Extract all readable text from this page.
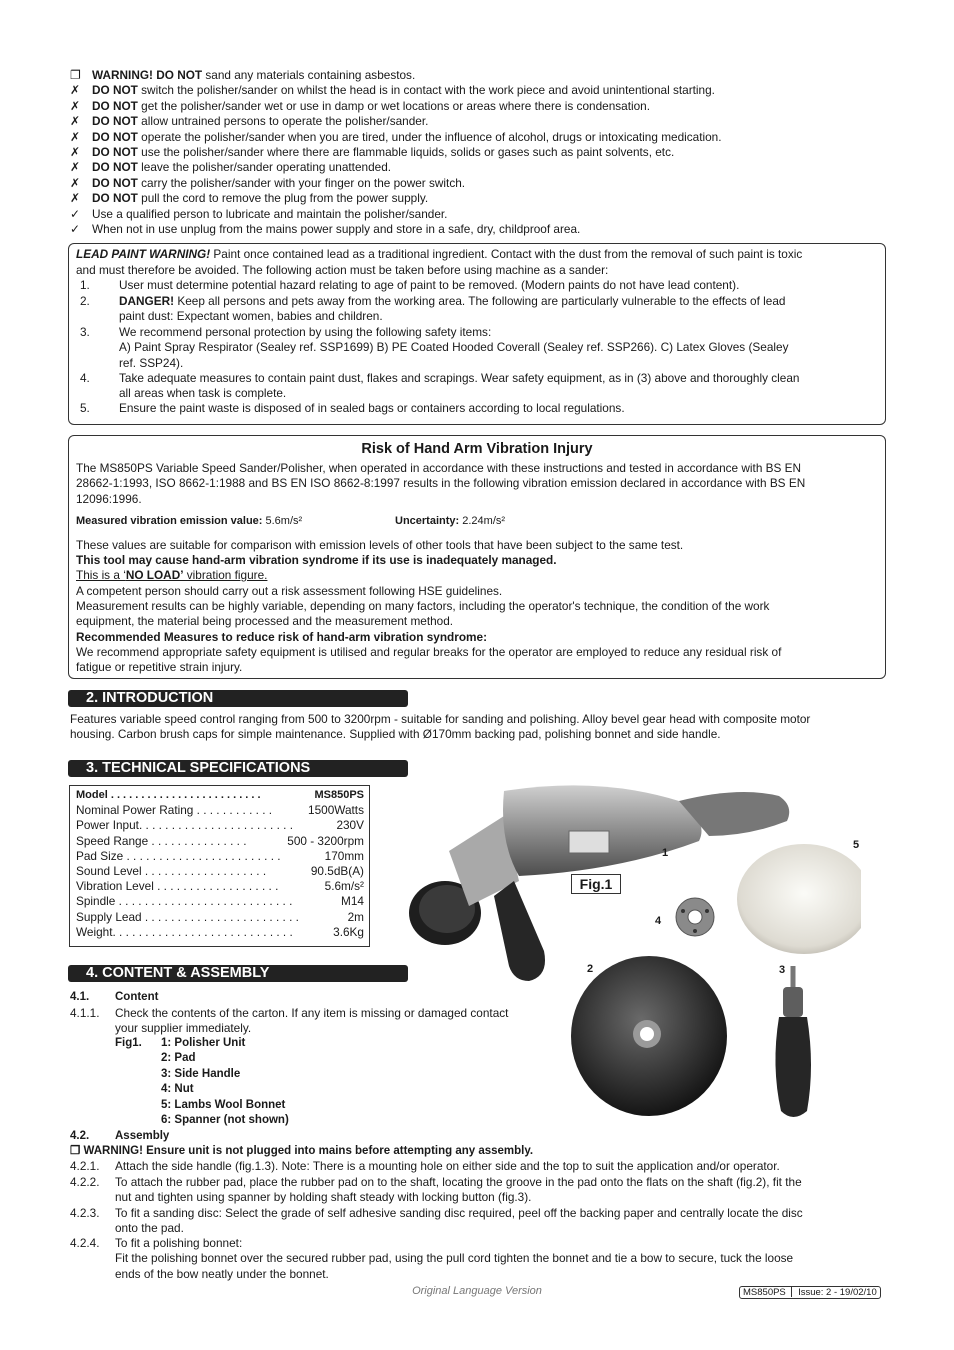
❐ WARNING! DO NOT sand any materials containing asbestos.
✗ DO NOT switch the polisher/sander on whilst the head is in contact with the work piece and avoid unintentional starting.
✗ DO NOT get the polisher/sander wet or use in damp or wet locations or areas where there is condensation.
✗ DO NOT allow untrained persons to operate the polisher/sander.
✗ DO NOT operate the polisher/sander when you are tired, under the influence of alcohol, drugs or intoxicating medication.
✗ DO NOT use the polisher/sander where there are flammable liquids, solids or gases such as paint solvents, etc.
✗ DO NOT leave the polisher/sander operating unattended.
✗ DO NOT carry the polisher/sander with your finger on the power switch.
✗ DO NOT pull the cord to remove the plug from the power supply.
✓ Use a qualified person to lubricate and maintain the polisher/sander.
✓ When not in use unplug from the mains power supply and store in a safe, dry, childproof area.
LEAD PAINT WARNING! Paint once contained lead as a traditional ingredient. Contact with the dust from the removal of such paint is toxic
and must therefore be avoided. The following action must be taken before using machine as a sander:
1. User must determine potential hazard relating to age of paint to be removed. (Modern paints do not have lead content).
2. DANGER! Keep all persons and pets away from the working area. The following are particularly vulnerable to the effects of lead
paint dust: Expectant women, babies and children.
3. We recommend personal protection by using the following safety items:
A) Paint Spray Respirator (Sealey ref. SSP1699) B) PE Coated Hooded Coverall (Sealey ref. SSP266). C) Latex Gloves (Sealey
ref. SSP24).
4. Take adequate measures to contain paint dust, flakes and scrapings. Wear safety equipment, as in (3) above and thoroughly clean
all areas when task is complete.
5. Ensure the paint waste is disposed of in sealed bags or containers according to local regulations.
Risk of Hand Arm Vibration Injury
The MS850PS Variable Speed Sander/Polisher, when operated in accordance with these instructions and tested in accordance with BS EN
28662-1:1993, ISO 8662-1:1988 and BS EN ISO 8662-8:1997 results in the following vibration emission declared in accordance with BS EN
12096:1996.
Measured vibration emission value: 5.6m/s²	Uncertainty: 2.24m/s²
These values are suitable for comparison with emission levels of other tools that have been subject to the same test.
This tool may cause hand-arm vibration syndrome if its use is inadequately managed.
This is a ‘NO LOAD’ vibration figure.
A competent person should carry out a risk assessment following HSE guidelines.
Measurement results can be highly variable, depending on many factors, including the operator's technique, the condition of the work
equipment, the material being processed and the measurement method.
Recommended Measures to reduce risk of hand-arm vibration syndrome:
We recommend appropriate safety equipment is utilised and regular breaks for the operator are employed to reduce any residual risk of
fatigue or repetitive strain injury.
2. INTRODUCTION
Features variable speed control ranging from 500 to 3200rpm - suitable for sanding and polishing. Alloy bevel gear head with composite motor
housing. Carbon brush caps for simple maintenance. Supplied with Ø170mm backing pad, polishing bonnet and side handle.
3. TECHNICAL SPECIFICATIONS
Model . . . . . . . . . . . . . . . . . . . . . . . . .	MS850PS
Nominal Power Rating . . . . . . . . . . . .	1500Watts
Power Input. . . . . . . . . . . . . . . . . . . . . . . .	230V
Speed Range . . . . . . . . . . . . . . .	500 - 3200rpm
Pad Size . . . . . . . . . . . . . . . . . . . . . . . .	170mm
Sound Level . . . . . . . . . . . . . . . . . . .	90.5dB(A)
Vibration Level . . . . . . . . . . . . . . . . . . .	5.6m/s²
Spindle . . . . . . . . . . . . . . . . . . . . . . . . . . .	M14
Supply Lead . . . . . . . . . . . . . . . . . . . . . . . .	2m
Weight. . . . . . . . . . . . . . . . . . . . . . . . . . . .	3.6Kg
Fig.1
1
2	3
4
5
4. CONTENT & ASSEMBLY
4.1. Content
4.1.1. Check the contents of the carton. If any item is missing or damaged contact
your supplier immediately.
Fig1. 1: Polisher Unit
2: Pad
3: Side Handle
4: Nut
5: Lambs Wool Bonnet
6: Spanner (not shown)
4.2. Assembly
❐ WARNING! Ensure unit is not plugged into mains before attempting any assembly.
4.2.1. Attach the side handle (fig.1.3). Note: There is a mounting hole on either side and the top to suit the application and/or operator.
4.2.2. To attach the rubber pad, place the rubber pad on to the shaft, locating the groove in the pad onto the flats on the shaft (fig.2), fit the
nut and tighten using spanner by holding shaft steady with locking button (fig.3).
4.2.3. To fit a sanding disc: Select the grade of self adhesive sanding disc required, peel off the backing paper and centrally locate the disc
onto the pad.
4.2.4. To fit a polishing bonnet:
Fit the polishing bonnet over the secured rubber pad, using the pull cord tighten the bonnet and tie a bow to secure, tuck the loose
ends of the bow neatly under the bonnet.
Original Language Version	MS850PS Issue: 2 - 19/02/10
